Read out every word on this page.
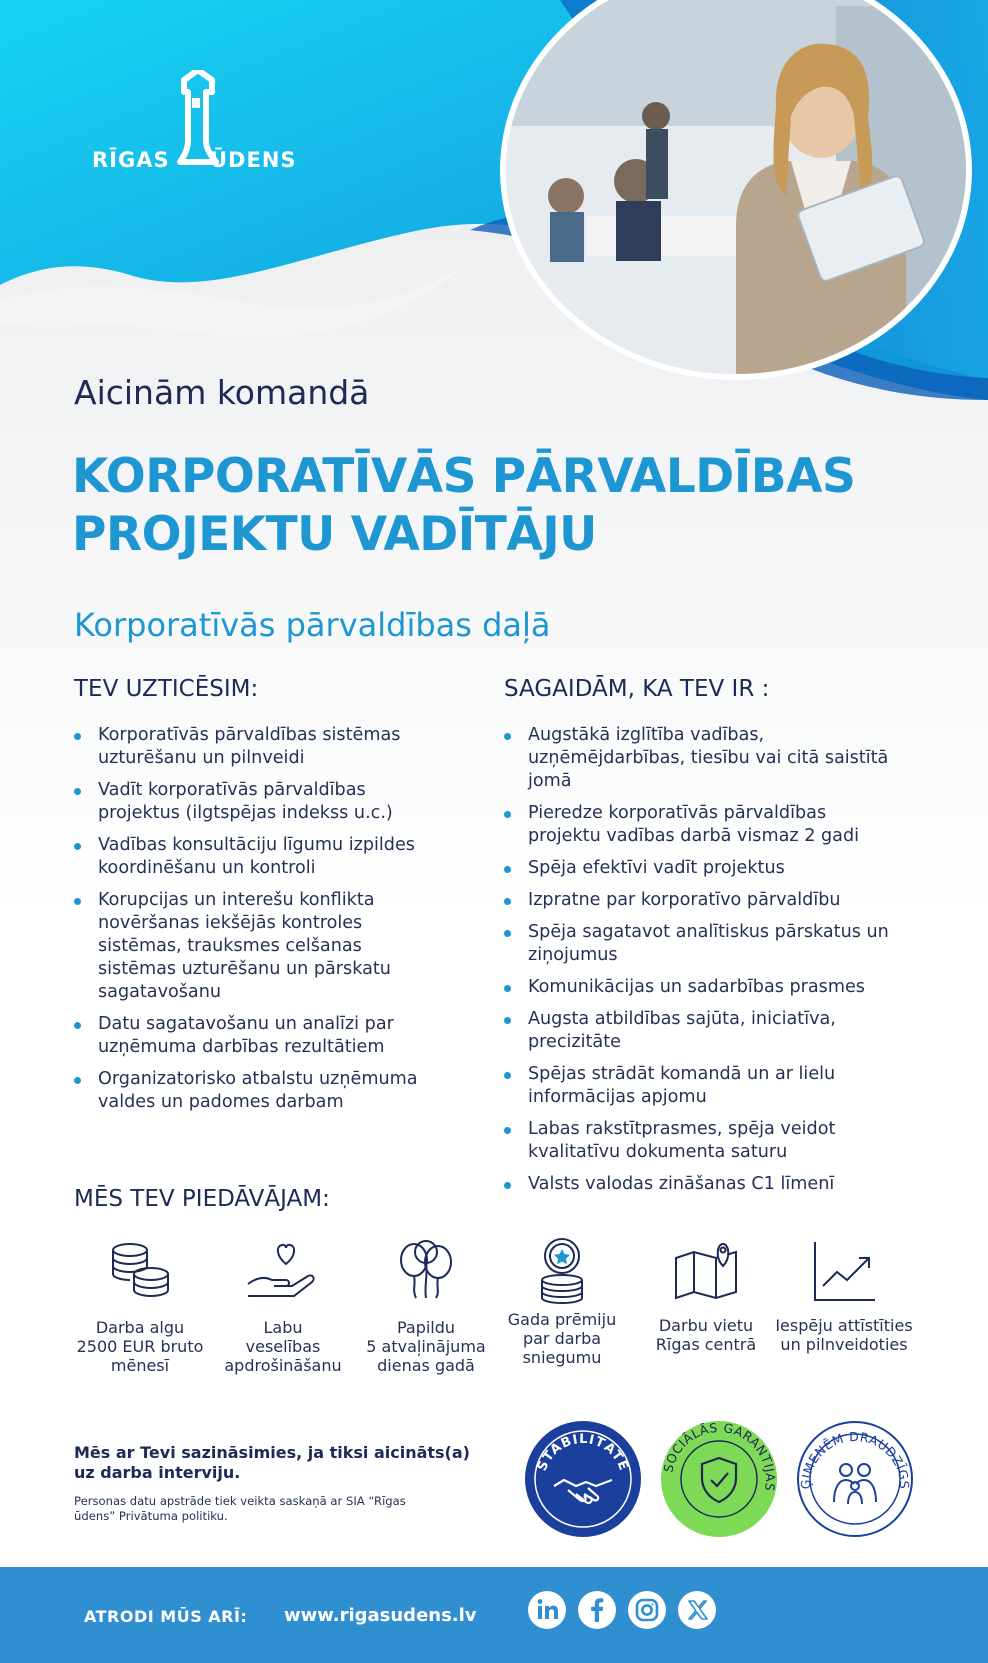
RĪGAS ŪDENS
Aicinām komandā
KORPORATĪVĀS PĀRVALDĪBAS PROJEKTU VADĪTĀJU
Korporatīvās pārvaldības daļā
TEV UZTICĒSIM:
Korporatīvās pārvaldības sistēmas uzturēšanu un pilnveidi
Vadīt korporatīvās pārvaldības projektus (ilgtspējas indekss u.c.)
Vadības konsultāciju līgumu izpildes koordinēšanu un kontroli
Korupcijas un interešu konflikta novēršanas iekšējās kontroles sistēmas, trauksmes celšanas sistēmas uzturēšanu un pārskatu sagatavošanu
Datu sagatavošanu un analīzi par uzņēmuma darbības rezultātiem
Organizatorisko atbalstu uzņēmuma valdes un padomes darbam
SAGAIDĀM, KA TEV IR :
Augstākā izglītība vadības, uzņēmējdarbības, tiesību vai citā saistītā jomā
Pieredze korporatīvās pārvaldības projektu vadības darbā vismaz 2 gadi
Spēja efektīvi vadīt projektus
Izpratne par korporatīvo pārvaldību
Spēja sagatavot analītiskus pārskatus un ziņojumus
Komunikācijas un sadarbības prasmes
Augsta atbildības sajūta, iniciatīva, precizitāte
Spējas strādāt komandā un ar lielu informācijas apjomu
Labas rakstītprasmes, spēja veidot kvalitatīvu dokumenta saturu
Valsts valodas zināšanas C1 līmenī
MĒS TEV PIEDĀVĀJAM:
Darba algu
2500 EUR bruto
mēnesī
Labu
veselības
apdrošināšanu
Papildu
5 atvaļinājuma
dienas gadā
Gada prēmiju
par darba
sniegumu
Darbu vietu
Rīgas centrā
Iespēju attīstīties
un pilnveidoties
Mēs ar Tevi sazināsimies, ja tiksi aicināts(a) uz darba interviju.
Personas datu apstrāde tiek veikta saskaņā ar SIA “Rīgas ūdens” Privātuma politiku.
STABILITĀTE SOCIĀLĀS GARANTIJAS ĢIMENĒM DRAUDZĪGS
ATRODI MŪS ARĪ: www.rigasudens.lv
